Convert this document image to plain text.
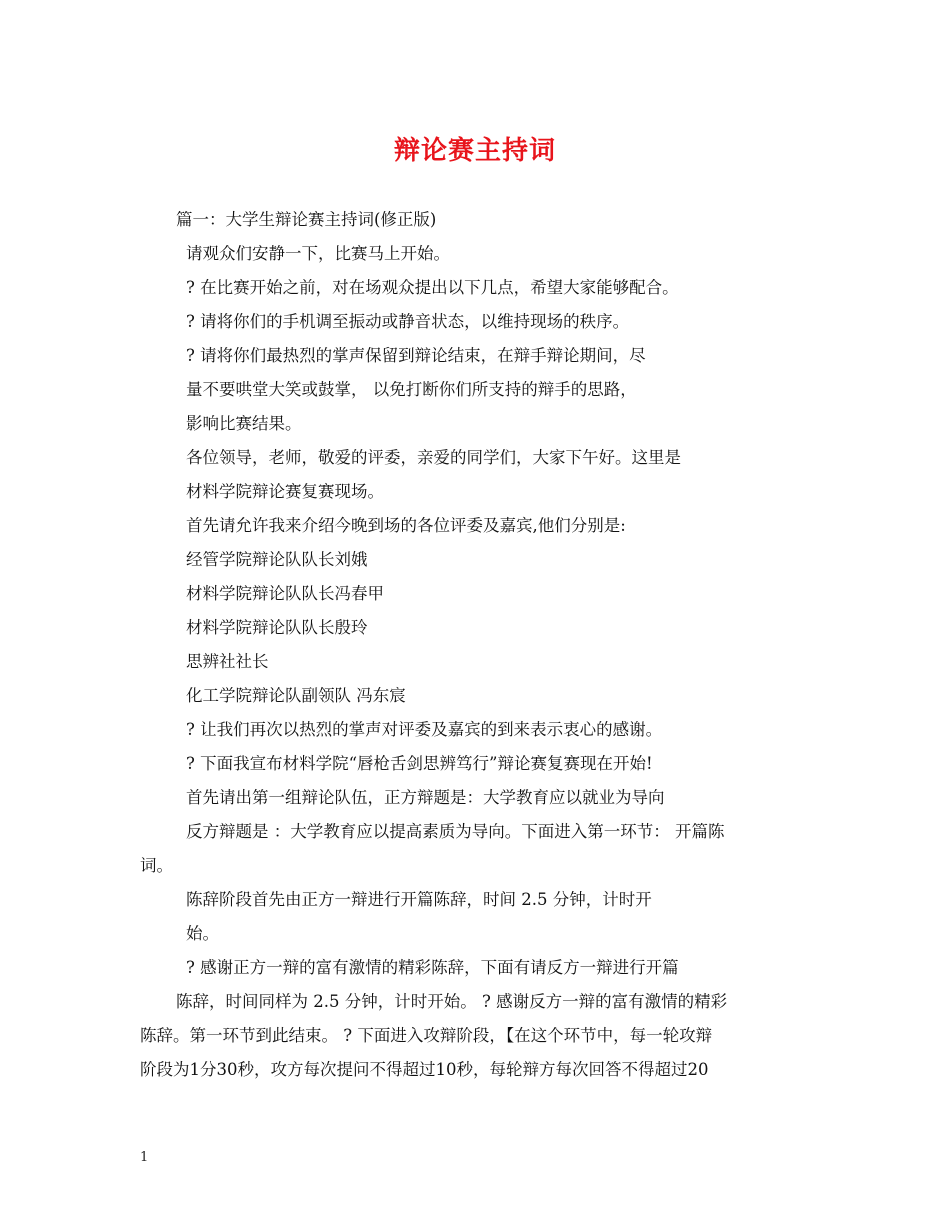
辩论赛主持词
篇一：大学生辩论赛主持词(修正版)
请观众们安静一下，比赛马上开始。
? 在比赛开始之前，对在场观众提出以下几点，希望大家能够配合。
? 请将你们的手机调至振动或静音状态，以维持现场的秩序。
? 请将你们最热烈的掌声保留到辩论结束，在辩手辩论期间，尽
量不要哄堂大笑或鼓掌， 以免打断你们所支持的辩手的思路，
影响比赛结果。
各位领导，老师，敬爱的评委，亲爱的同学们，大家下午好。这里是
材料学院辩论赛复赛现场。
首先请允许我来介绍今晚到场的各位评委及嘉宾,他们分别是:
经管学院辩论队队长刘娥
材料学院辩论队队长冯春甲
材料学院辩论队队长殷玲
思辨社社长
化工学院辩论队副领队 冯东宸
? 让我们再次以热烈的掌声对评委及嘉宾的到来表示衷心的感谢。
? 下面我宣布材料学院“唇枪舌剑思辨笃行”辩论赛复赛现在开始!
首先请出第一组辩论队伍，正方辩题是：大学教育应以就业为导向
反方辩题是 ：大学教育应以提高素质为导向。下面进入第一环节： 开篇陈
词。
陈辞阶段首先由正方一辩进行开篇陈辞，时间 2.5 分钟，计时开
始。
? 感谢正方一辩的富有激情的精彩陈辞，下面有请反方一辩进行开篇
陈辞，时间同样为 2.5 分钟，计时开始。 ? 感谢反方一辩的富有激情的精彩
陈辞。第一环节到此结束。 ? 下面进入攻辩阶段，【在这个环节中，每一轮攻辩
阶段为1分30秒，攻方每次提问不得超过10秒，每轮辩方每次回答不得超过20
1
